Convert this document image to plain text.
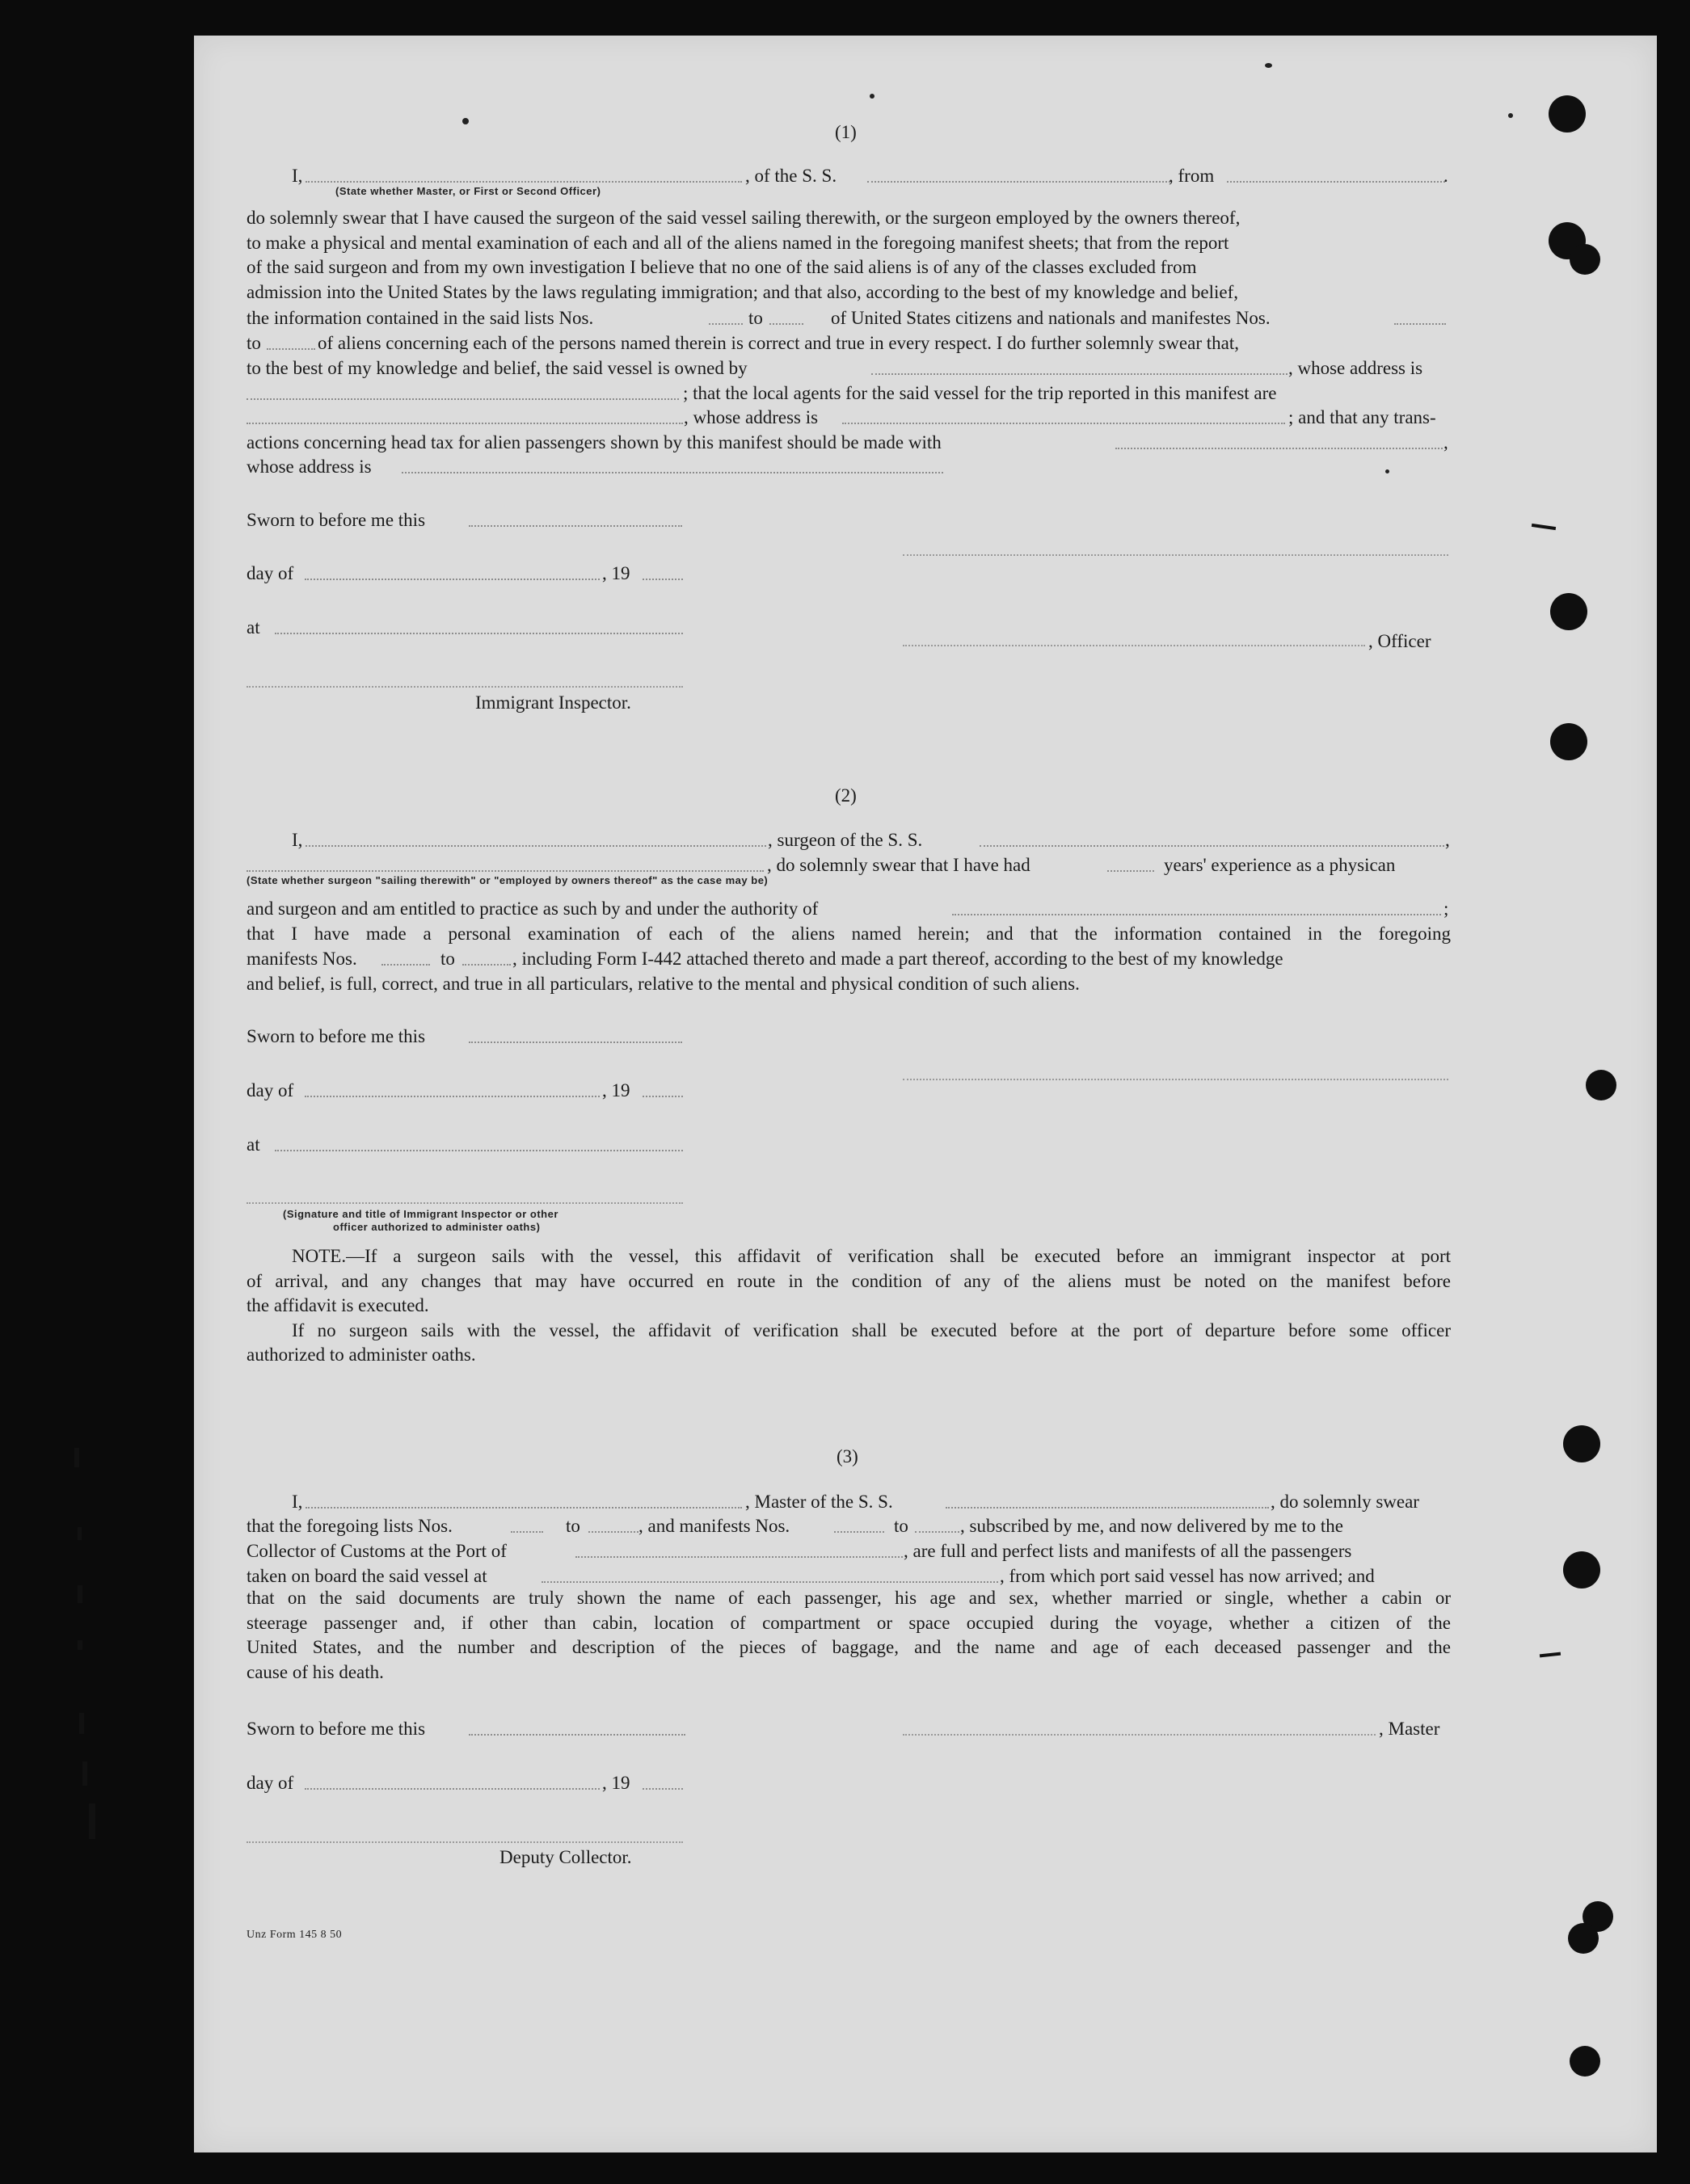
(1)
I,	, of the S. S.	, from	.
(State whether Master, or First or Second Officer)
do solemnly swear that I have caused the surgeon of the said vessel sailing therewith, or the surgeon employed by the owners thereof,
to make a physical and mental examination of each and all of the aliens named in the foregoing manifest sheets; that from the report
of the said surgeon and from my own investigation I believe that no one of the said aliens is of any of the classes excluded from
admission into the United States by the laws regulating immigration; and that also, according to the best of my knowledge and belief,
the information contained in the said lists Nos.	to	of United States citizens and nationals and manifestes Nos.
to	of aliens concerning each of the persons named therein is correct and true in every respect. I do further solemnly swear that,
to the best of my knowledge and belief, the said vessel is owned by	, whose address is
; that the local agents for the said vessel for the trip reported in this manifest are
, whose address is	; and that any trans-
actions concerning head tax for alien passengers shown by this manifest should be made with	,
whose address is
Sworn to before me this
day of	, 19
at
, Officer
Immigrant Inspector.
(2)
I,	, surgeon of the S. S.	,
, do solemnly swear that I have had	years' experience as a physican
(State whether surgeon "sailing therewith" or "employed by owners thereof" as the case may be)
and surgeon and am entitled to practice as such by and under the authority of	;
that I have made a personal examination of each of the aliens named herein; and that the information contained in the foregoing
manifests Nos.	to	, including Form I-442 attached thereto and made a part thereof, according to the best of my knowledge
and belief, is full, correct, and true in all particulars, relative to the mental and physical condition of such aliens.
Sworn to before me this
day of	, 19
at
(Signature and title of Immigrant Inspector or other
officer authorized to administer oaths)
NOTE.—If a surgeon sails with the vessel, this affidavit of verification shall be executed before an immigrant inspector at port
of arrival, and any changes that may have occurred en route in the condition of any of the aliens must be noted on the manifest before
the affidavit is executed.
If no surgeon sails with the vessel, the affidavit of verification shall be executed before at the port of departure before some officer
authorized to administer oaths.
(3)
I,	, Master of the S. S.	, do solemnly swear
that the foregoing lists Nos.	to	, and manifests Nos.	to	, subscribed by me, and now delivered by me to the
Collector of Customs at the Port of	, are full and perfect lists and manifests of all the passengers
taken on board the said vessel at	, from which port said vessel has now arrived; and
that on the said documents are truly shown the name of each passenger, his age and sex, whether married or single, whether a cabin or
steerage passenger and, if other than cabin, location of compartment or space occupied during the voyage, whether a citizen of the
United States, and the number and description of the pieces of baggage, and the name and age of each deceased passenger and the
cause of his death.
Sworn to before me this	, Master
day of	, 19
Deputy Collector.
Unz Form 145 8 50
